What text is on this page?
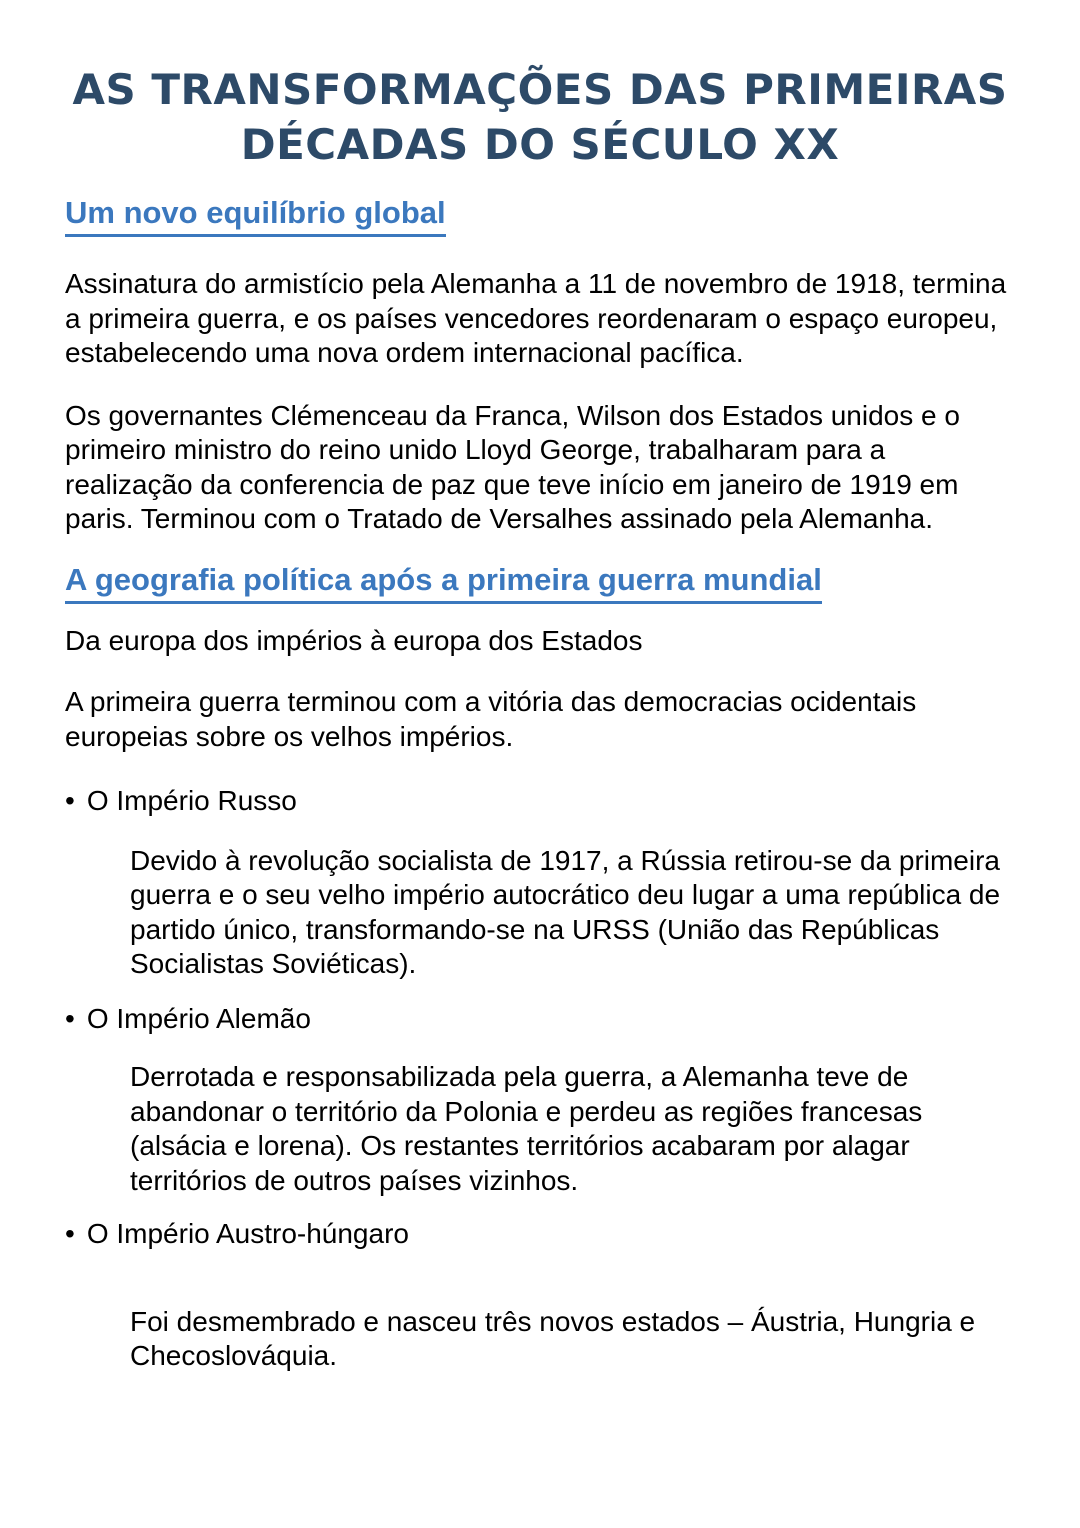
AS TRANSFORMAÇÕES DAS PRIMEIRAS
DÉCADAS DO SÉCULO XX
Um novo equilíbrio global

Assinatura do armistício pela Alemanha a 11 de novembro de 1918, termina a primeira guerra, e os países vencedores reordenaram o espaço europeu, estabelecendo uma nova ordem internacional pacífica.

Os governantes Clémenceau da Franca, Wilson dos Estados unidos e o primeiro ministro do reino unido Lloyd George, trabalharam para a realização da conferencia de paz que teve início em janeiro de 1919 em paris. Terminou com o Tratado de Versalhes assinado pela Alemanha.

A geografia política após a primeira guerra mundial

Da europa dos impérios à europa dos Estados

A primeira guerra terminou com a vitória das democracias ocidentais europeias sobre os velhos impérios.

• O Império Russo

Devido à revolução socialista de 1917, a Rússia retirou-se da primeira guerra e o seu velho império autocrático deu lugar a uma república de partido único, transformando-se na URSS (União das Repúblicas Socialistas Soviéticas).

• O Império Alemão

Derrotada e responsabilizada pela guerra, a Alemanha teve de abandonar o território da Polonia e perdeu as regiões francesas (alsácia e lorena). Os restantes territórios acabaram por alagar territórios de outros países vizinhos.

• O Império Austro-húngaro

Foi desmembrado e nasceu três novos estados – Áustria, Hungria e Checoslováquia.
